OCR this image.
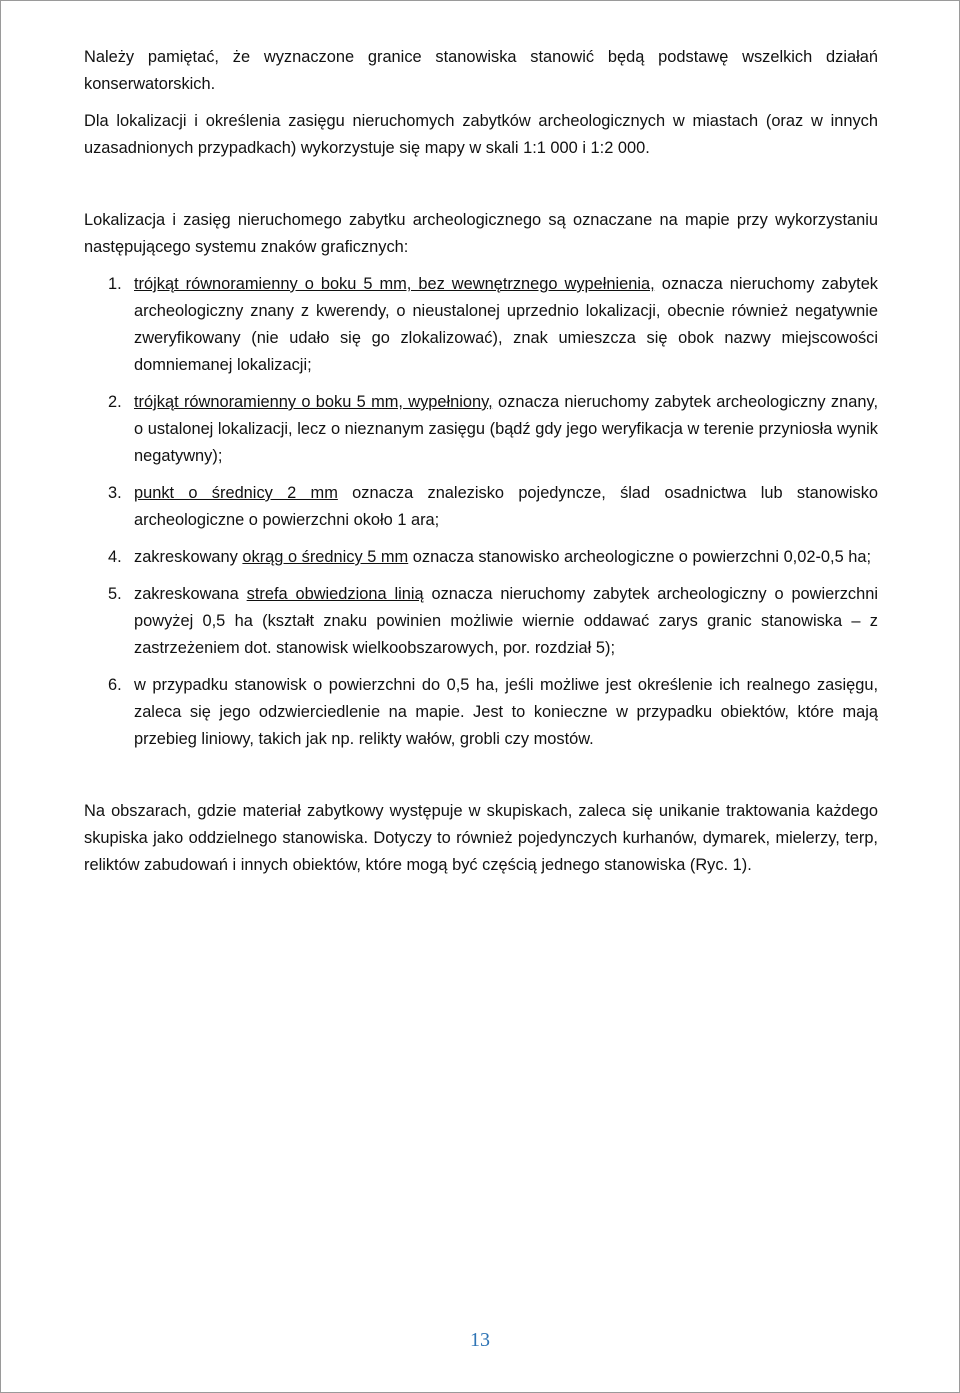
Należy pamiętać, że wyznaczone granice stanowiska stanowić będą podstawę wszelkich działań konserwatorskich.

Dla lokalizacji i określenia zasięgu nieruchomych zabytków archeologicznych w miastach (oraz w innych uzasadnionych przypadkach) wykorzystuje się mapy w skali 1:1 000 i 1:2 000.

Lokalizacja i zasięg nieruchomego zabytku archeologicznego są oznaczane na mapie przy wykorzystaniu następującego systemu znaków graficznych:

1. trójkąt równoramienny o boku 5 mm, bez wewnętrznego wypełnienia, oznacza nieruchomy zabytek archeologiczny znany z kwerendy, o nieustalonej uprzednio lokalizacji, obecnie również negatywnie zweryfikowany (nie udało się go zlokalizować), znak umieszcza się obok nazwy miejscowości domniemanej lokalizacji;
2. trójkąt równoramienny o boku 5 mm, wypełniony, oznacza nieruchomy zabytek archeologiczny znany, o ustalonej lokalizacji, lecz o nieznanym zasięgu (bądź gdy jego weryfikacja w terenie przyniosła wynik negatywny);
3. punkt o średnicy 2 mm oznacza znalezisko pojedyncze, ślad osadnictwa lub stanowisko archeologiczne o powierzchni około 1 ara;
4. zakreskowany okrąg o średnicy 5 mm oznacza stanowisko archeologiczne o powierzchni 0,02-0,5 ha;
5. zakreskowana strefa obwiedziona linią oznacza nieruchomy zabytek archeologiczny o powierzchni powyżej 0,5 ha (kształt znaku powinien możliwie wiernie oddawać zarys granic stanowiska – z zastrzeżeniem dot. stanowisk wielkoobszarowych, por. rozdział 5);
6. w przypadku stanowisk o powierzchni do 0,5 ha, jeśli możliwe jest określenie ich realnego zasięgu, zaleca się jego odzwierciedlenie na mapie. Jest to konieczne w przypadku obiektów, które mają przebieg liniowy, takich jak np. relikty wałów, grobli czy mostów.

Na obszarach, gdzie materiał zabytkowy występuje w skupiskach, zaleca się unikanie traktowania każdego skupiska jako oddzielnego stanowiska. Dotyczy to również pojedynczych kurhanów, dymarek, mielerzy, terp, reliktów zabudowań i innych obiektów, które mogą być częścią jednego stanowiska (Ryc. 1).

13
